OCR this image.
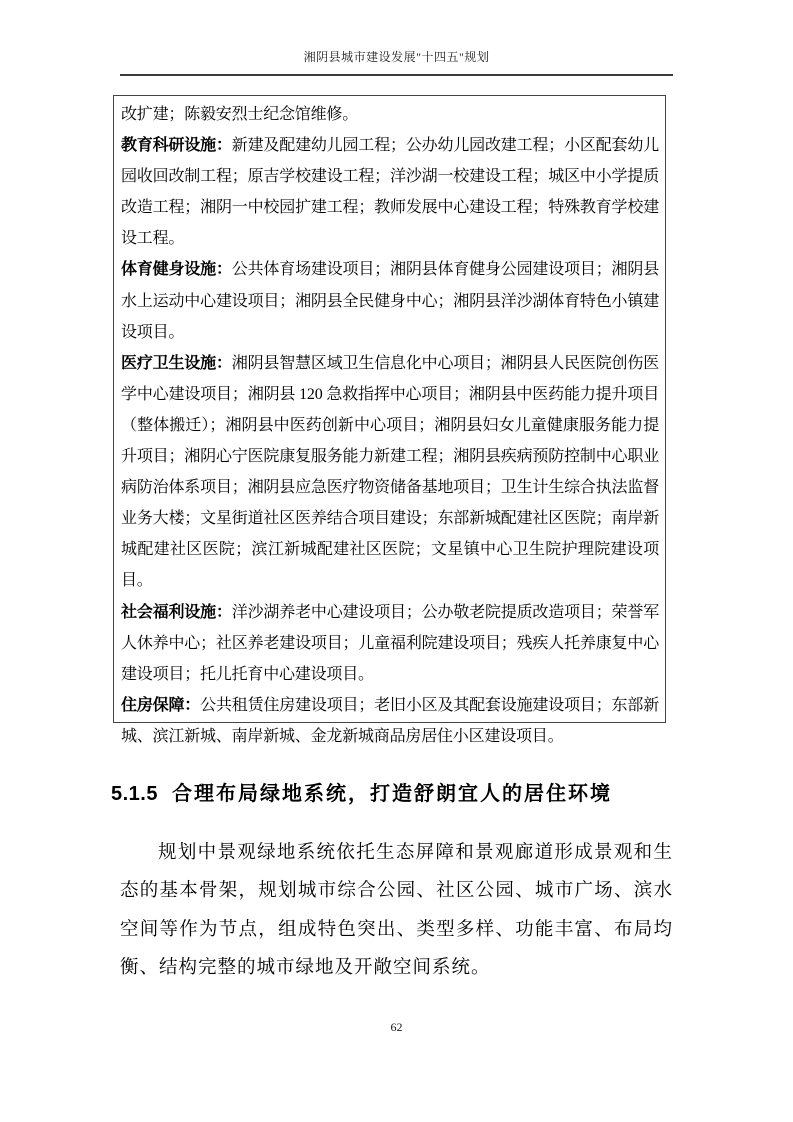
湘阴县城市建设发展"十四五"规划

改扩建；陈毅安烈士纪念馆维修。

教育科研设施：新建及配建幼儿园工程；公办幼儿园改建工程；小区配套幼儿园收回改制工程；原吉学校建设工程；洋沙湖一校建设工程；城区中小学提质改造工程；湘阴一中校园扩建工程；教师发展中心建设工程；特殊教育学校建设工程。

体育健身设施：公共体育场建设项目；湘阴县体育健身公园建设项目；湘阴县水上运动中心建设项目；湘阴县全民健身中心；湘阴县洋沙湖体育特色小镇建设项目。

医疗卫生设施：湘阴县智慧区域卫生信息化中心项目；湘阴县人民医院创伤医学中心建设项目；湘阴县 120 急救指挥中心项目；湘阴县中医药能力提升项目（整体搬迁）；湘阴县中医药创新中心项目；湘阴县妇女儿童健康服务能力提升项目；湘阴心宁医院康复服务能力新建工程；湘阴县疾病预防控制中心职业病防治体系项目；湘阴县应急医疗物资储备基地项目；卫生计生综合执法监督业务大楼；文星街道社区医养结合项目建设；东部新城配建社区医院；南岸新城配建社区医院；滨江新城配建社区医院；文星镇中心卫生院护理院建设项目。

社会福利设施：洋沙湖养老中心建设项目；公办敬老院提质改造项目；荣誉军人休养中心；社区养老建设项目；儿童福利院建设项目；残疾人托养康复中心建设项目；托儿托育中心建设项目。

住房保障：公共租赁住房建设项目；老旧小区及其配套设施建设项目；东部新城、滨江新城、南岸新城、金龙新城商品房居住小区建设项目。

5.1.5 合理布局绿地系统，打造舒朗宜人的居住环境

规划中景观绿地系统依托生态屏障和景观廊道形成景观和生态的基本骨架，规划城市综合公园、社区公园、城市广场、滨水空间等作为节点，组成特色突出、类型多样、功能丰富、布局均衡、结构完整的城市绿地及开敞空间系统。

62
